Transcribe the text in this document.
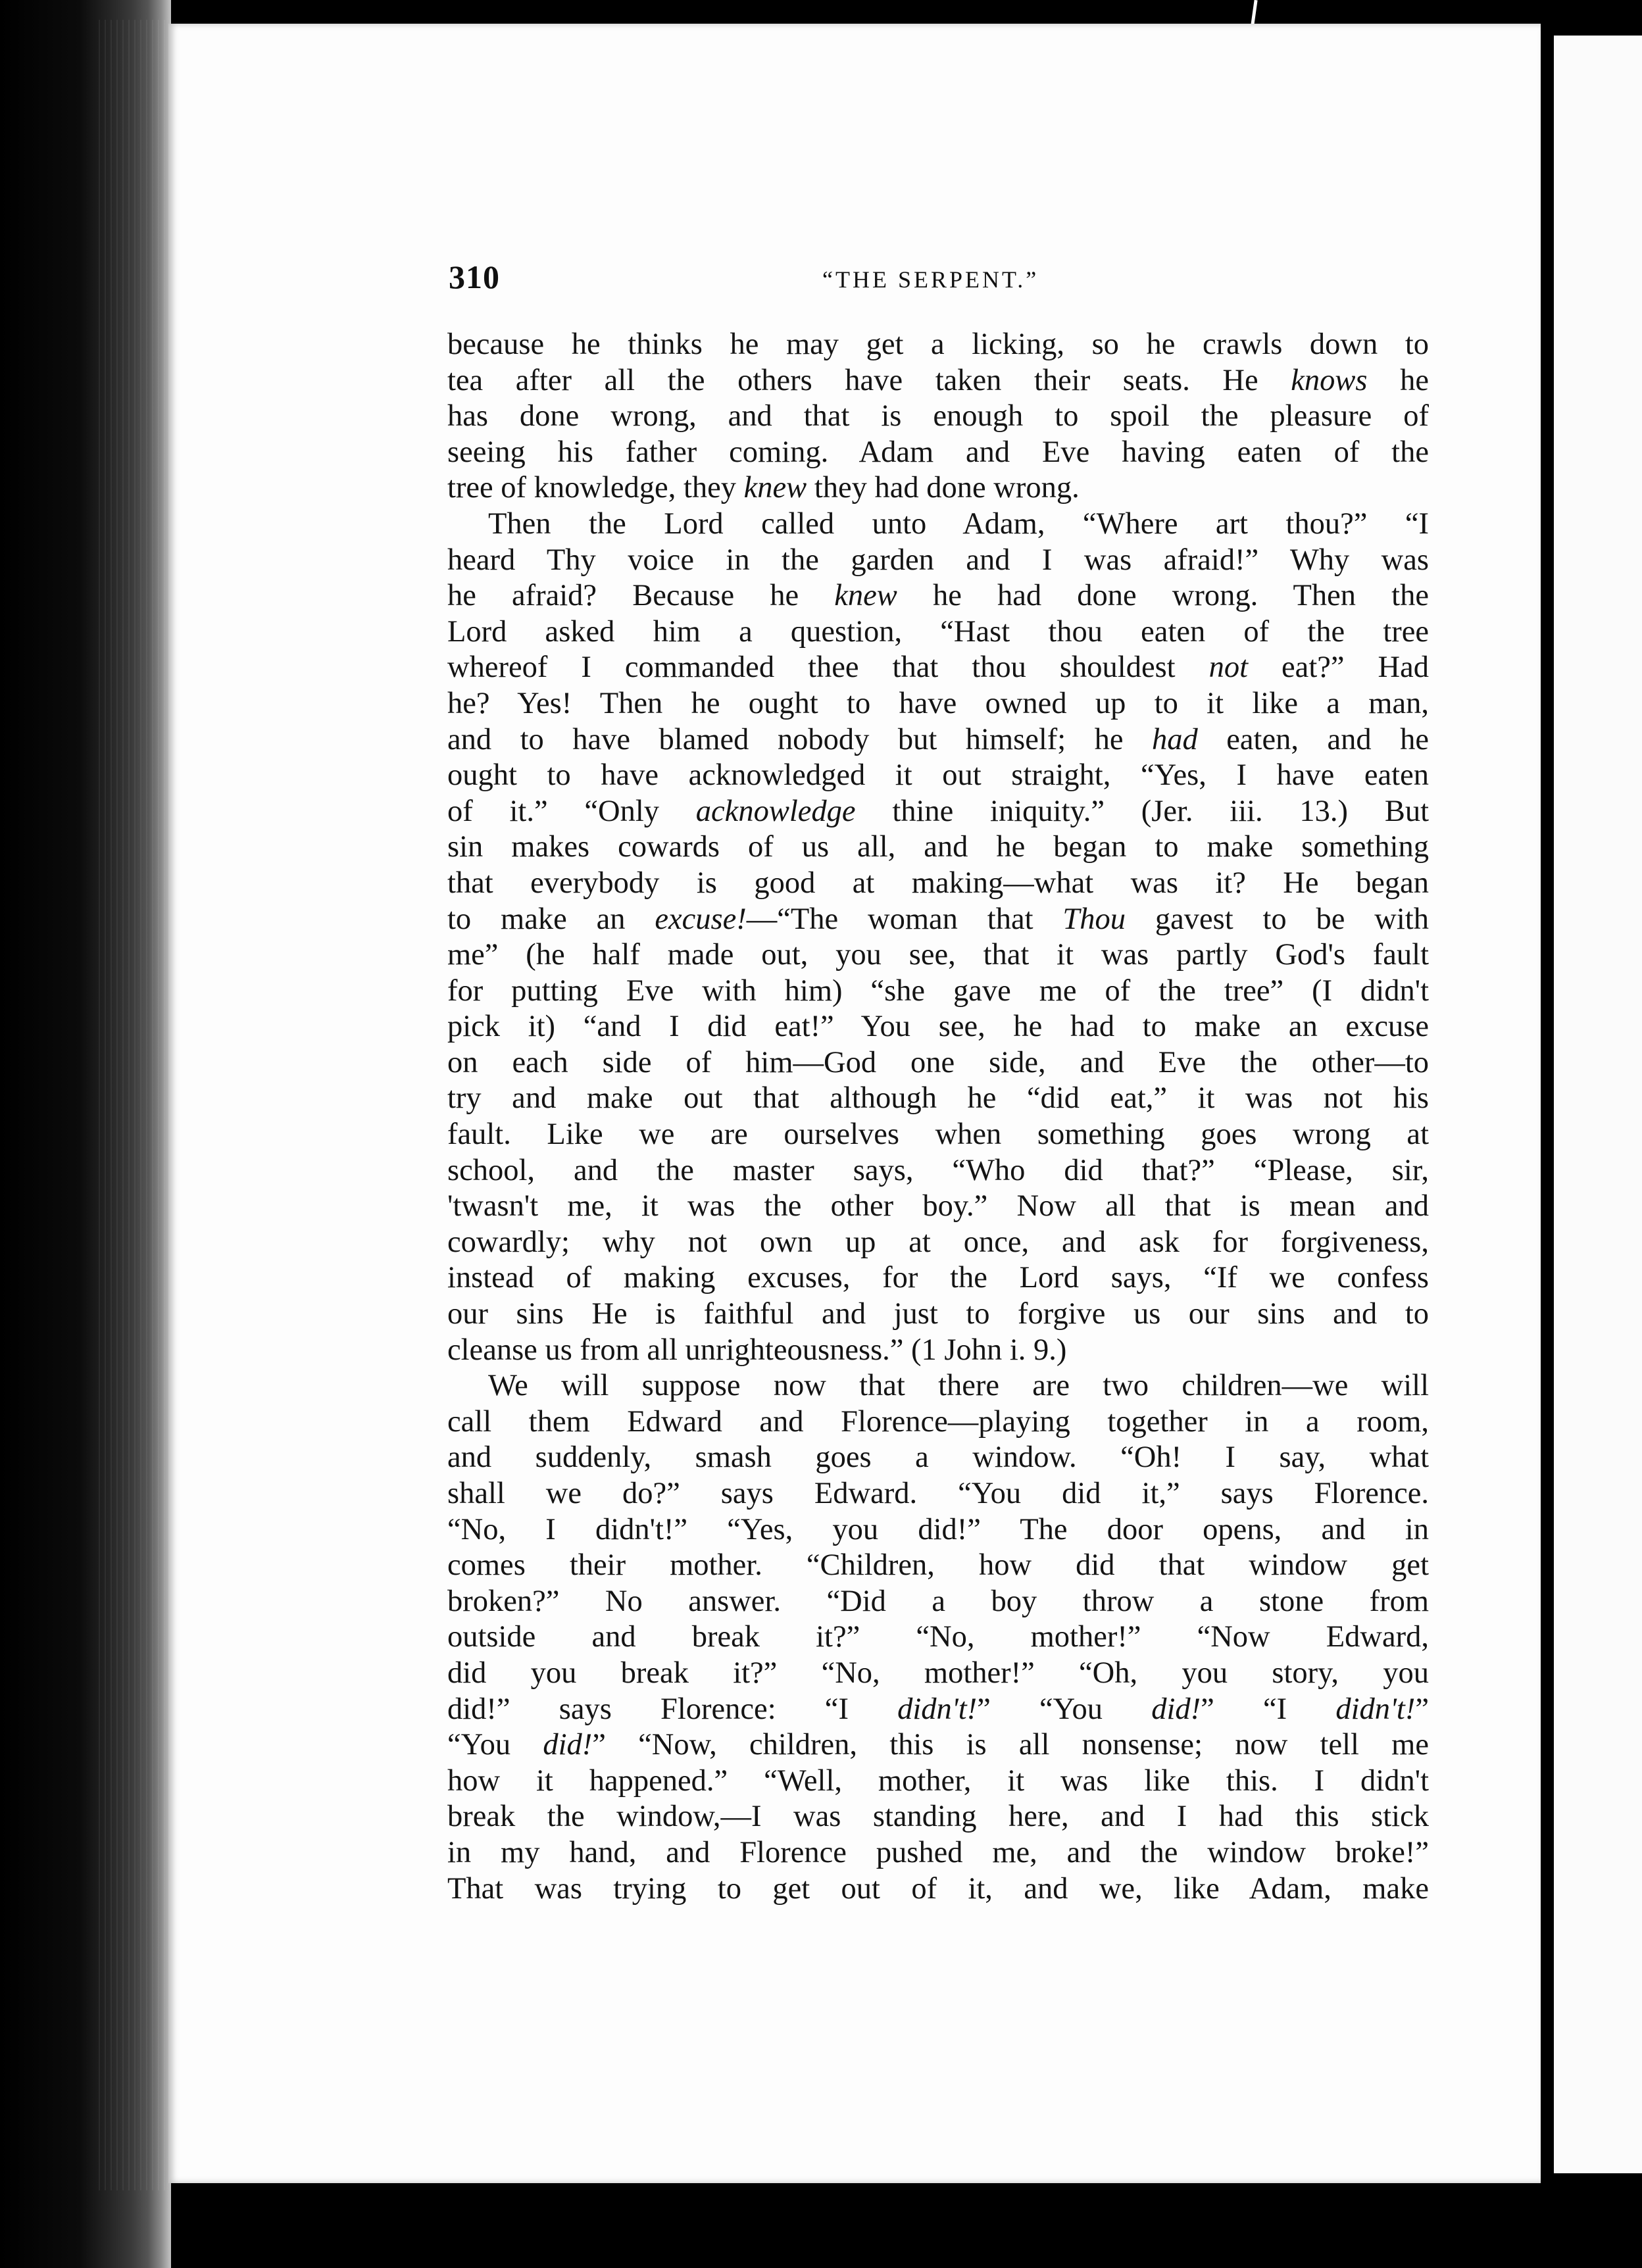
310	“THE SERPENT.”
because he thinks he may get a licking, so he crawls down to
tea after all the others have taken their seats. He knows he
has done wrong, and that is enough to spoil the pleasure of
seeing his father coming. Adam and Eve having eaten of the
tree of knowledge, they knew they had done wrong.
Then the Lord called unto Adam, “Where art thou?” “I
heard Thy voice in the garden and I was afraid!” Why was
he afraid? Because he knew he had done wrong. Then the
Lord asked him a question, “Hast thou eaten of the tree
whereof I commanded thee that thou shouldest not eat?” Had
he? Yes! Then he ought to have owned up to it like a man,
and to have blamed nobody but himself; he had eaten, and he
ought to have acknowledged it out straight, “Yes, I have eaten
of it.” “Only acknowledge thine iniquity.” (Jer. iii. 13.) But
sin makes cowards of us all, and he began to make something
that everybody is good at making—what was it? He began
to make an excuse!—“The woman that Thou gavest to be with
me” (he half made out, you see, that it was partly God's fault
for putting Eve with him) “she gave me of the tree” (I didn't
pick it) “and I did eat!” You see, he had to make an excuse
on each side of him—God one side, and Eve the other—to
try and make out that although he “did eat,” it was not his
fault. Like we are ourselves when something goes wrong at
school, and the master says, “Who did that?” “Please, sir,
'twasn't me, it was the other boy.” Now all that is mean and
cowardly; why not own up at once, and ask for forgiveness,
instead of making excuses, for the Lord says, “If we confess
our sins He is faithful and just to forgive us our sins and to
cleanse us from all unrighteousness.” (1 John i. 9.)
We will suppose now that there are two children—we will
call them Edward and Florence—playing together in a room,
and suddenly, smash goes a window. “Oh! I say, what
shall we do?” says Edward. “You did it,” says Florence.
“No, I didn't!” “Yes, you did!” The door opens, and in
comes their mother. “Children, how did that window get
broken?” No answer. “Did a boy throw a stone from
outside and break it?” “No, mother!” “Now Edward,
did you break it?” “No, mother!” “Oh, you story, you
did!” says Florence: “I didn't!” “You did!” “I didn't!”
“You did!” “Now, children, this is all nonsense; now tell me
how it happened.” “Well, mother, it was like this. I didn't
break the window,—I was standing here, and I had this stick
in my hand, and Florence pushed me, and the window broke!”
That was trying to get out of it, and we, like Adam, make
